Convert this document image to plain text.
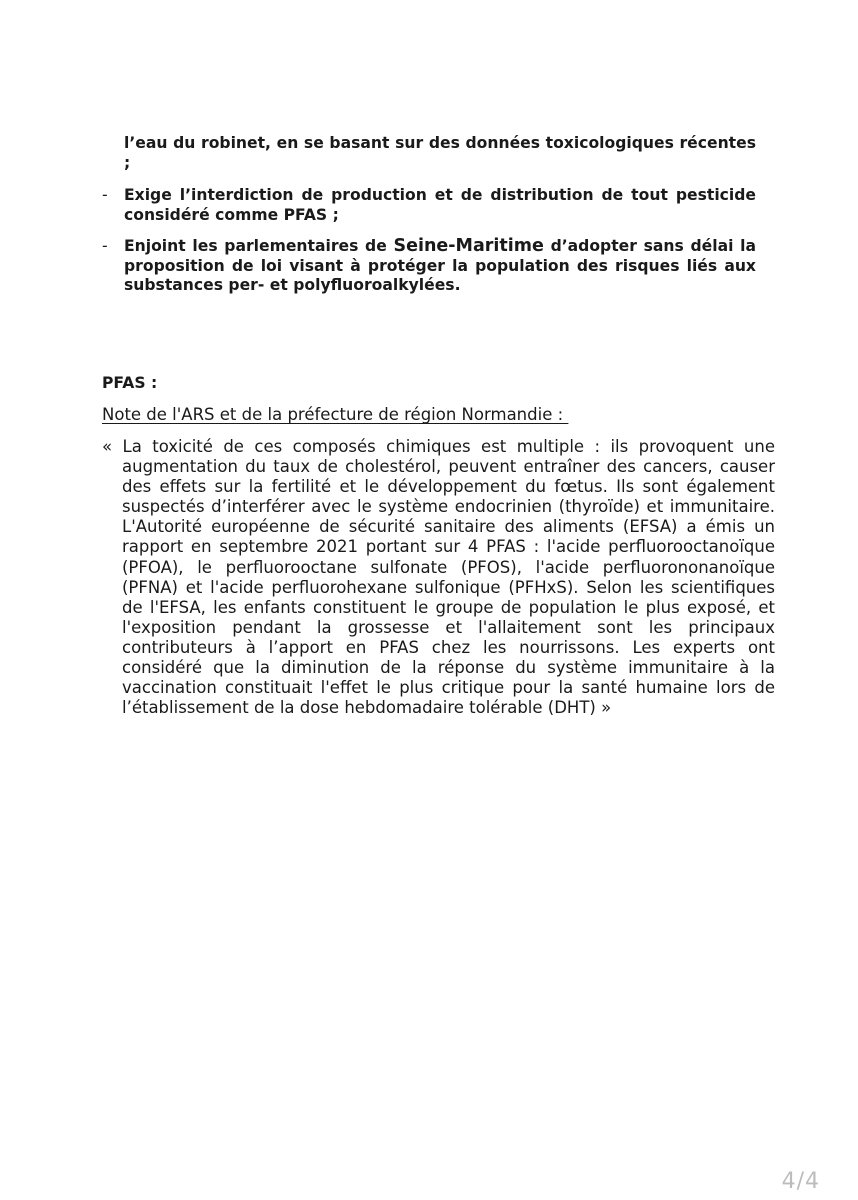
l’eau du robinet, en se basant sur des données toxicologiques récentes ;
- Exige l’interdiction de production et de distribution de tout pesticide considéré comme PFAS ;
- Enjoint les parlementaires de Seine-Maritime d’adopter sans délai la proposition de loi visant à protéger la population des risques liés aux substances per- et polyfluoroalkylées.
PFAS :
Note de l'ARS et de la préfecture de région Normandie :
« La toxicité de ces composés chimiques est multiple : ils provoquent une augmentation du taux de cholestérol, peuvent entraîner des cancers, causer des effets sur la fertilité et le développement du fœtus. Ils sont également suspectés d’interférer avec le système endocrinien (thyroïde) et immunitaire. L'Autorité européenne de sécurité sanitaire des aliments (EFSA) a émis un rapport en septembre 2021 portant sur 4 PFAS : l'acide perfluorooctanoïque (PFOA), le perfluorooctane sulfonate (PFOS), l'acide perfluorononanoïque (PFNA) et l'acide perfluorohexane sulfonique (PFHxS). Selon les scientifiques de l'EFSA, les enfants constituent le groupe de population le plus exposé, et l'exposition pendant la grossesse et l'allaitement sont les principaux contributeurs à l’apport en PFAS chez les nourrissons. Les experts ont considéré que la diminution de la réponse du système immunitaire à la vaccination constituait l'effet le plus critique pour la santé humaine lors de l’établissement de la dose hebdomadaire tolérable (DHT) »
4/4
